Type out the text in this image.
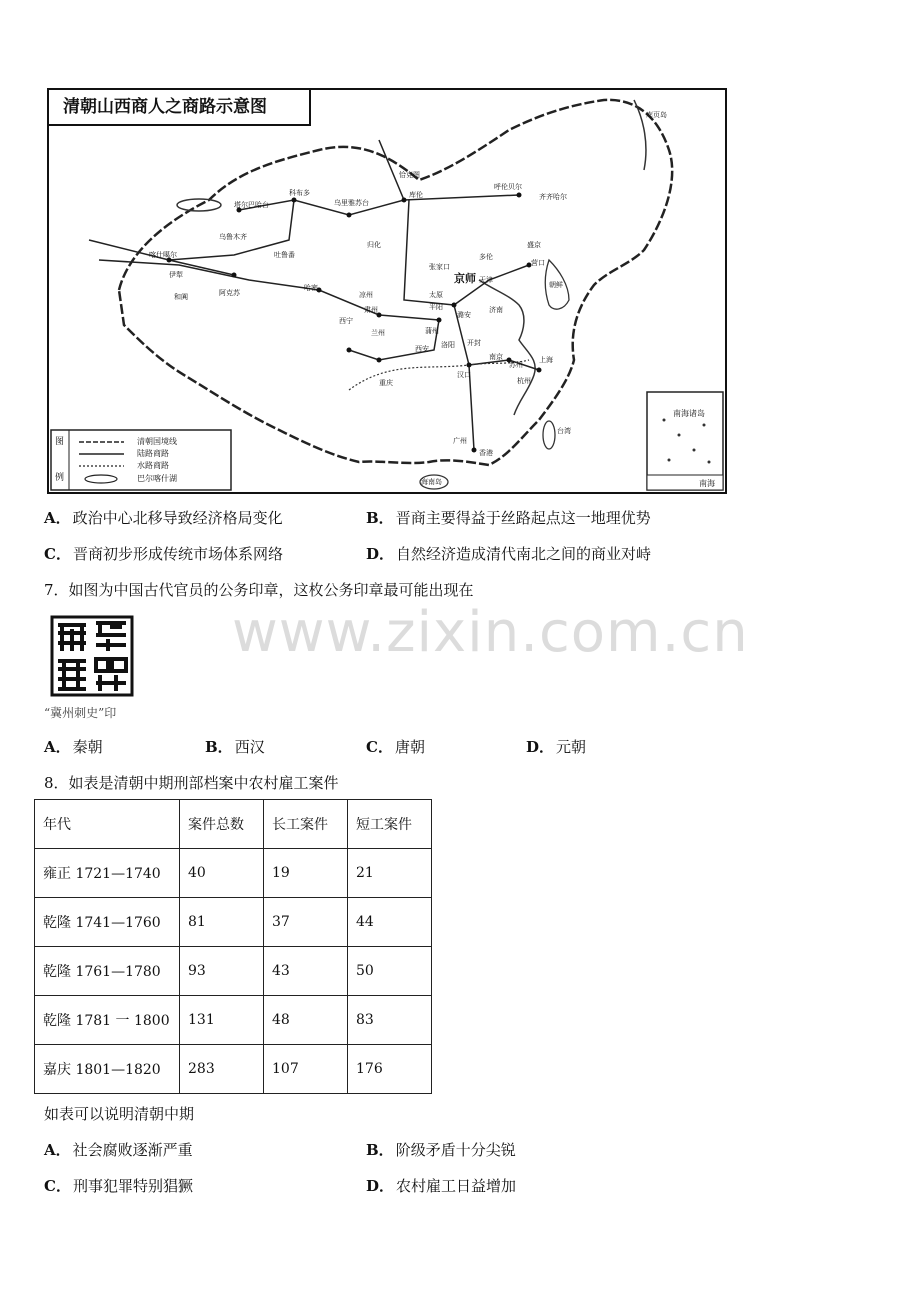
清朝山西商人之商路示意图
图
例
清朝国境线
陆路商路
水路商路
巴尔喀什湖
南海诸岛
南海
恰克图
库伦
科布多
乌里雅苏台
呼伦贝尔
齐齐哈尔
塔尔巴哈台
乌鲁木齐
吐鲁番
伊犁
喀什噶尔
阿克苏
和阗
哈密
肃州
西宁
兰州
西安 洛阳 开封
济南
京师 天津
盛京
营口
南京
苏州
上海
杭州
汉口
重庆
广州
香港
海南岛
台湾
库页岛
朝鲜
归化
张家口
多伦
太原
平阳
潞安
蒲州
凉州
A． 政治中心北移导致经济格局变化	B． 晋商主要得益于丝路起点这一地理优势
C． 晋商初步形成传统市场体系网络	D． 自然经济造成清代南北之间的商业对峙
7．如图为中国古代官员的公务印章，这枚公务印章最可能出现在
www.zixin.com.cn
“冀州刺史”印
A． 秦朝	B． 西汉	C． 唐朝	D． 元朝
8．如表是清朝中期刑部档案中农村雇工案件
年代	案件总数	长工案件	短工案件
雍正 1721—1740	40	19	21
乾隆 1741—1760	81	37	44
乾隆 1761—1780	93	43	50
乾隆 1781 一 1800	131	48	83
嘉庆 1801—1820	283	107	176
如表可以说明清朝中期
A． 社会腐败逐渐严重	B． 阶级矛盾十分尖锐
C． 刑事犯罪特别猖獗	D． 农村雇工日益增加
